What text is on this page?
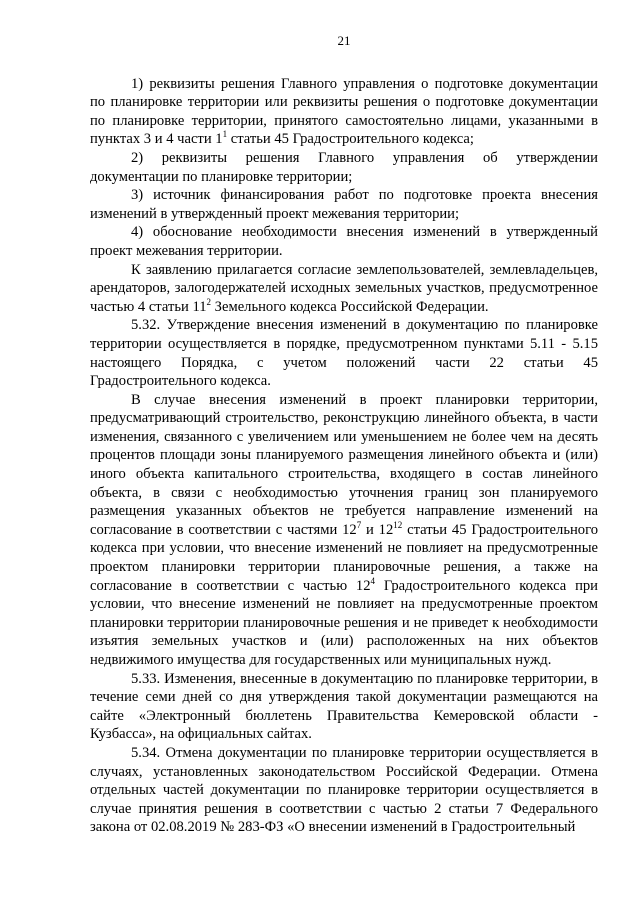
21

1) реквизиты решения Главного управления о подготовке документации по планировке территории или реквизиты решения о подготовке документации по планировке территории, принятого самостоятельно лицами, указанными в пунктах 3 и 4 части $1^1$ статьи 45 Градостроительного кодекса;

2) реквизиты решения Главного управления об утверждении документации по планировке территории;

3) источник финансирования работ по подготовке проекта внесения изменений в утвержденный проект межевания территории;

4) обоснование необходимости внесения изменений в утвержденный проект межевания территории.

К заявлению прилагается согласие землепользователей, землевладельцев, арендаторов, залогодержателей исходных земельных участков, предусмотренное частью 4 статьи $11^2$ Земельного кодекса Российской Федерации.

5.32. Утверждение внесения изменений в документацию по планировке территории осуществляется в порядке, предусмотренном пунктами 5.11 - 5.15 настоящего Порядка, с учетом положений части 22 статьи 45 Градостроительного кодекса.

В случае внесения изменений в проект планировки территории, предусматривающий строительство, реконструкцию линейного объекта, в части изменения, связанного с увеличением или уменьшением не более чем на десять процентов площади зоны планируемого размещения линейного объекта и (или) иного объекта капитального строительства, входящего в состав линейного объекта, в связи с необходимостью уточнения границ зон планируемого размещения указанных объектов не требуется направление изменений на согласование в соответствии с частями $12^7$ и $12^{12}$ статьи 45 Градостроительного кодекса при условии, что внесение изменений не повлияет на предусмотренные проектом планировки территории планировочные решения, а также на согласование в соответствии с частью $12^4$ Градостроительного кодекса при условии, что внесение изменений не повлияет на предусмотренные проектом планировки территории планировочные решения и не приведет к необходимости изъятия земельных участков и (или) расположенных на них объектов недвижимого имущества для государственных или муниципальных нужд.

5.33. Изменения, внесенные в документацию по планировке территории, в течение семи дней со дня утверждения такой документации размещаются на сайте «Электронный бюллетень Правительства Кемеровской области - Кузбасса», на официальных сайтах.

5.34. Отмена документации по планировке территории осуществляется в случаях, установленных законодательством Российской Федерации. Отмена отдельных частей документации по планировке территории осуществляется в случае принятия решения в соответствии с частью 2 статьи 7 Федерального закона от 02.08.2019 № 283-ФЗ «О внесении изменений в Градостроительный
